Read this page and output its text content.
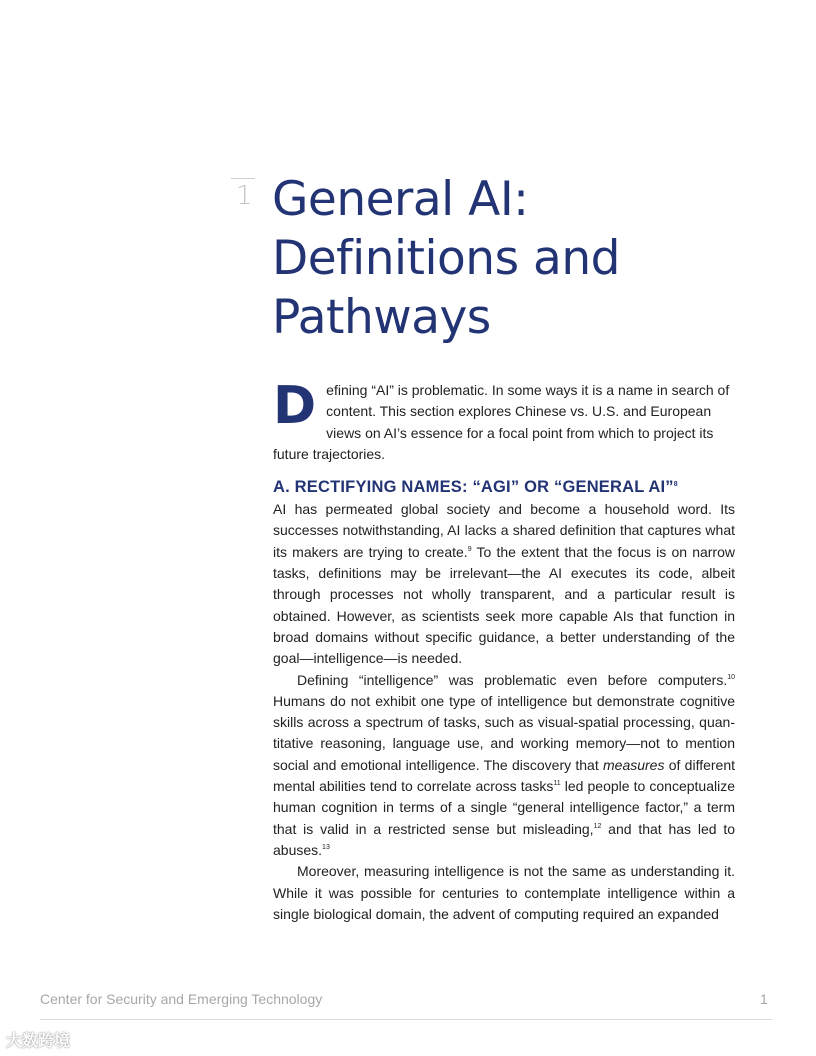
1 General AI:
Definitions and
Pathways

Defining “AI” is problematic. In some ways it is a name in search of content. This section explores Chinese vs. U.S. and European views on AI’s essence for a focal point from which to project its future trajectories.

A. RECTIFYING NAMES: “AGI” OR “GENERAL AI”$^8$

AI has permeated global society and become a household word. Its successes notwithstanding, AI lacks a shared definition that captures what its makers are trying to create.$^9$ To the extent that the focus is on narrow tasks, definitions may be irrelevant—the AI executes its code, albeit through processes not wholly transparent, and a particular result is obtained. However, as scientists seek more capable AIs that function in broad domains without specific guidance, a better understanding of the goal—intelligence—is needed.

Defining “intelligence” was problematic even before computers.$^{10}$ Humans do not exhibit one type of intelligence but demonstrate cognitive skills across a spectrum of tasks, such as visual-spatial processing, quantitative reasoning, language use, and working memory—not to mention social and emotional intelligence. The discovery that measures of different mental abilities tend to correlate across tasks$^{11}$ led people to conceptualize human cognition in terms of a single “general intelligence factor,” a term that is valid in a restricted sense but misleading,$^{12}$ and that has led to abuses.$^{13}$

Moreover, measuring intelligence is not the same as understanding it. While it was possible for centuries to contemplate intelligence within a single biological domain, the advent of computing required an expanded

Center for Security and Emerging Technology	1
大数跨境
